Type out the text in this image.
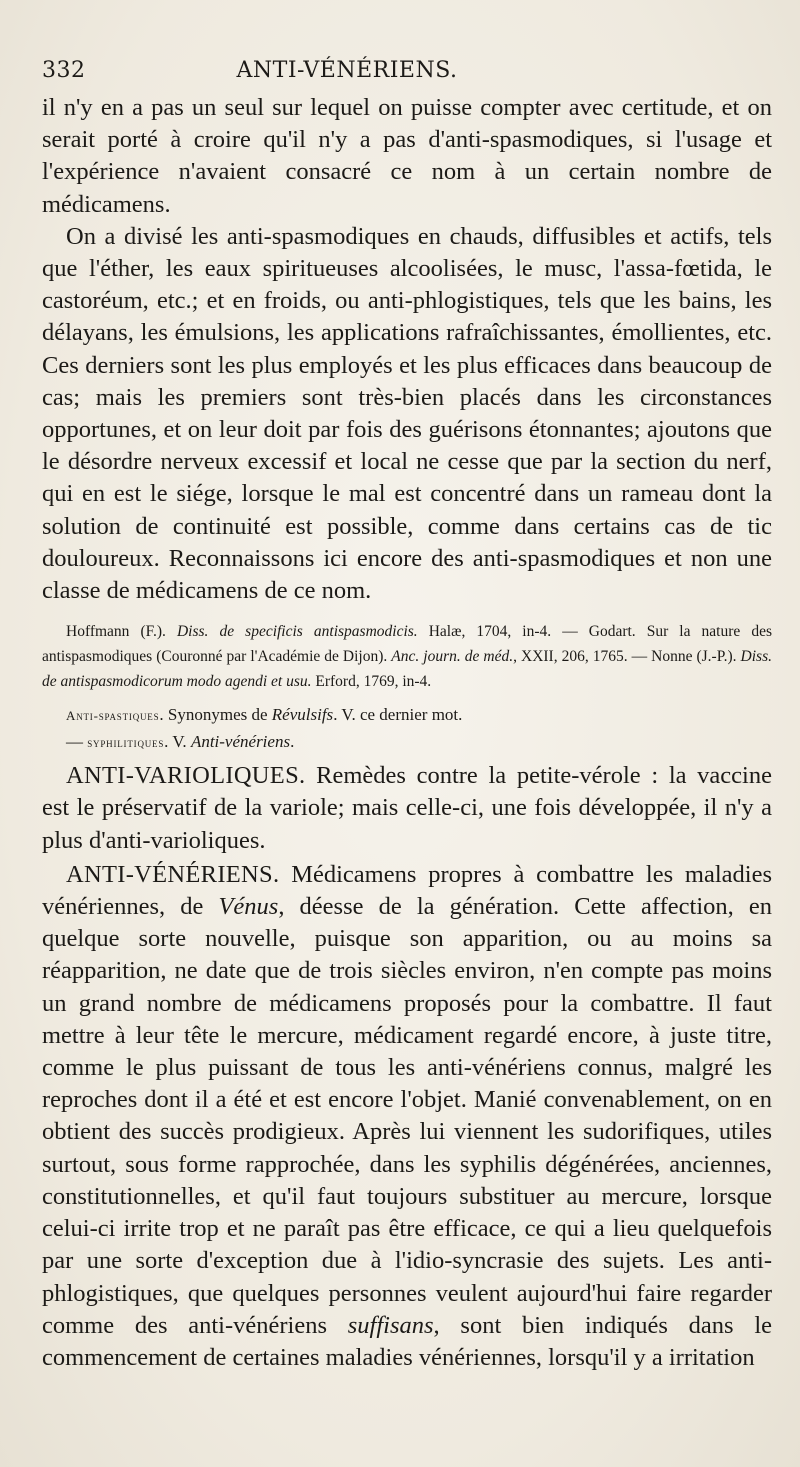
332	ANTI-VÉNÉRIENS.

il n'y en a pas un seul sur lequel on puisse compter avec certitude, et on serait porté à croire qu'il n'y a pas d'anti-spasmodiques, si l'usage et l'expérience n'avaient consacré ce nom à un certain nombre de médicamens.

On a divisé les anti-spasmodiques en chauds, diffusibles et actifs, tels que l'éther, les eaux spiritueuses alcoolisées, le musc, l'assa-fœtida, le castoréum, etc.; et en froids, ou anti-phlogistiques, tels que les bains, les délayans, les émulsions, les applications rafraîchissantes, émollientes, etc. Ces derniers sont les plus employés et les plus efficaces dans beaucoup de cas; mais les premiers sont très-bien placés dans les circonstances opportunes, et on leur doit par fois des guérisons étonnantes; ajoutons que le désordre nerveux excessif et local ne cesse que par la section du nerf, qui en est le siége, lorsque le mal est concentré dans un rameau dont la solution de continuité est possible, comme dans certains cas de tic douloureux. Reconnaissons ici encore des anti-spasmodiques et non une classe de médicamens de ce nom.

Hoffmann (F.). Diss. de specificis antispasmodicis. Halæ, 1704, in-4. — Godart. Sur la nature des antispasmodiques (Couronné par l'Académie de Dijon). Anc. journ. de méd., XXII, 206, 1765. — Nonne (J.-P.). Diss. de antispasmodicorum modo agendi et usu. Erford, 1769, in-4.

Anti-spastiques. Synonymes de Révulsifs. V. ce dernier mot.

— syphilitiques. V. Anti-vénériens.

ANTI-VARIOLIQUES. Remèdes contre la petite-vérole : la vaccine est le préservatif de la variole; mais celle-ci, une fois développée, il n'y a plus d'anti-varioliques.

ANTI-VÉNÉRIENS. Médicamens propres à combattre les maladies vénériennes, de Vénus, déesse de la génération. Cette affection, en quelque sorte nouvelle, puisque son apparition, ou au moins sa réapparition, ne date que de trois siècles environ, n'en compte pas moins un grand nombre de médicamens proposés pour la combattre. Il faut mettre à leur tête le mercure, médicament regardé encore, à juste titre, comme le plus puissant de tous les anti-vénériens connus, malgré les reproches dont il a été et est encore l'objet. Manié convenablement, on en obtient des succès prodigieux. Après lui viennent les sudorifiques, utiles surtout, sous forme rapprochée, dans les syphilis dégénérées, anciennes, constitutionnelles, et qu'il faut toujours substituer au mercure, lorsque celui-ci irrite trop et ne paraît pas être efficace, ce qui a lieu quelquefois par une sorte d'exception due à l'idio-syncrasie des sujets. Les anti-phlogistiques, que quelques personnes veulent aujourd'hui faire regarder comme des anti-vénériens suffisans, sont bien indiqués dans le commencement de certaines maladies vénériennes, lorsqu'il y a irritation
